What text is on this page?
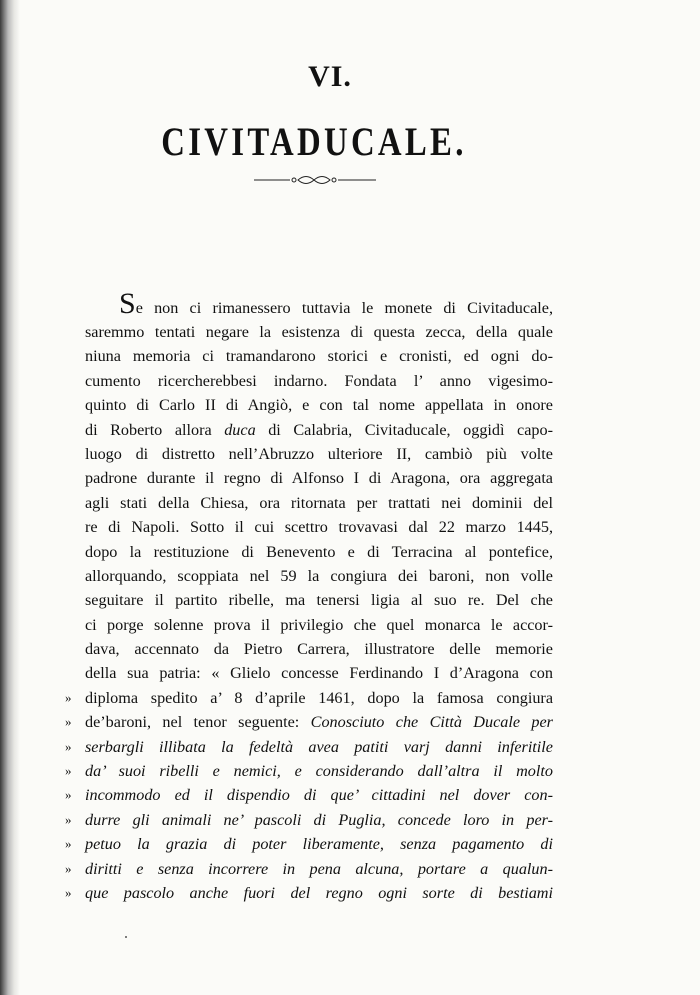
VI.
CIVITADUCALE.
Se non ci rimanessero tuttavia le monete di Civitaducale,
saremmo tentati negare la esistenza di questa zecca, della quale
niuna memoria ci tramandarono storici e cronisti, ed ogni do-
cumento ricercherebbesi indarno. Fondata l’ anno vigesimo-
quinto di Carlo II di Angiò, e con tal nome appellata in onore
di Roberto allora duca di Calabria, Civitaducale, oggidì capo-
luogo di distretto nell’Abruzzo ulteriore II, cambiò più volte
padrone durante il regno di Alfonso I di Aragona, ora aggregata
agli stati della Chiesa, ora ritornata per trattati nei dominii del
re di Napoli. Sotto il cui scettro trovavasi dal 22 marzo 1445,
dopo la restituzione di Benevento e di Terracina al pontefice,
allorquando, scoppiata nel 59 la congiura dei baroni, non volle
seguitare il partito ribelle, ma tenersi ligia al suo re. Del che
ci porge solenne prova il privilegio che quel monarca le accor-
dava, accennato da Pietro Carrera, illustratore delle memorie
della sua patria: « Glielo concesse Ferdinando I d’Aragona con
» diploma spedito a’ 8 d’aprile 1461, dopo la famosa congiura
» de’baroni, nel tenor seguente: Conosciuto che Città Ducale per
» serbargli illibata la fedeltà avea patiti varj danni inferitile
» da’ suoi ribelli e nemici, e considerando dall’altra il molto
» incommodo ed il dispendio di que’ cittadini nel dover con-
» durre gli animali ne’ pascoli di Puglia, concede loro in per-
» petuo la grazia di poter liberamente, senza pagamento di
» diritti e senza incorrere in pena alcuna, portare a qualun-
» que pascolo anche fuori del regno ogni sorte di bestiami
